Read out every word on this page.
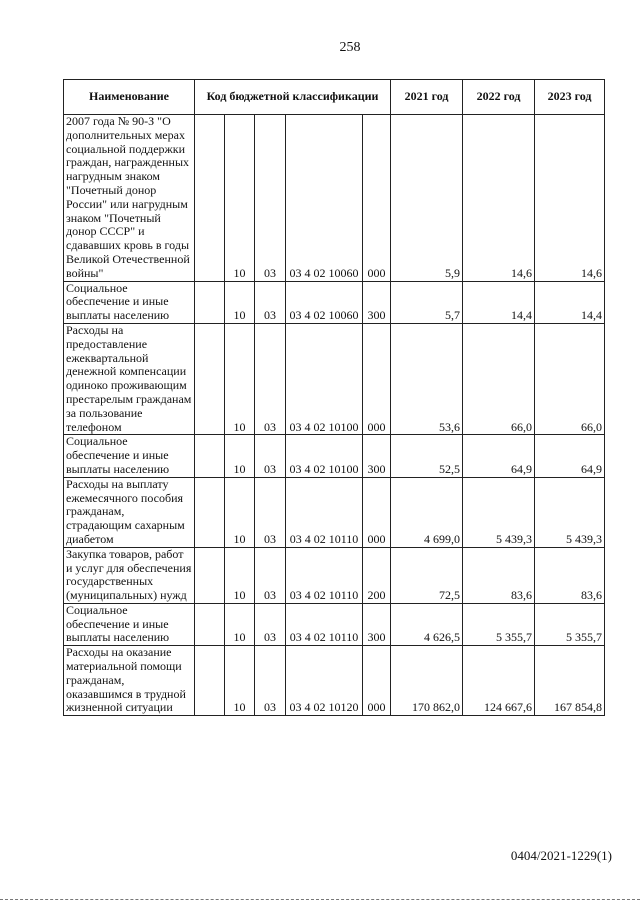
258
Наименование	Код бюджетной классификации					2021 год	2022 год	2023 год
2007 года № 90-З "О дополнительных мерах социальной поддержки граждан, награжденных нагрудным знаком "Почетный донор России" или нагрудным знаком "Почетный донор СССР" и сдававших кровь в годы Великой Отечественной войны"		10	03	03 4 02 10060	000	5,9	14,6	14,6
Социальное обеспечение и иные выплаты населению		10	03	03 4 02 10060	300	5,7	14,4	14,4
Расходы на предоставление ежеквартальной денежной компенсации одиноко проживающим престарелым гражданам за пользование телефоном		10	03	03 4 02 10100	000	53,6	66,0	66,0
Социальное обеспечение и иные выплаты населению		10	03	03 4 02 10100	300	52,5	64,9	64,9
Расходы на выплату ежемесячного пособия гражданам, страдающим сахарным диабетом		10	03	03 4 02 10110	000	4 699,0	5 439,3	5 439,3
Закупка товаров, работ и услуг для обеспечения государственных (муниципальных) нужд		10	03	03 4 02 10110	200	72,5	83,6	83,6
Социальное обеспечение и иные выплаты населению		10	03	03 4 02 10110	300	4 626,5	5 355,7	5 355,7
Расходы на оказание материальной помощи гражданам, оказавшимся в трудной жизненной ситуации		10	03	03 4 02 10120	000	170 862,0	124 667,6	167 854,8
0404/2021-1229(1)
